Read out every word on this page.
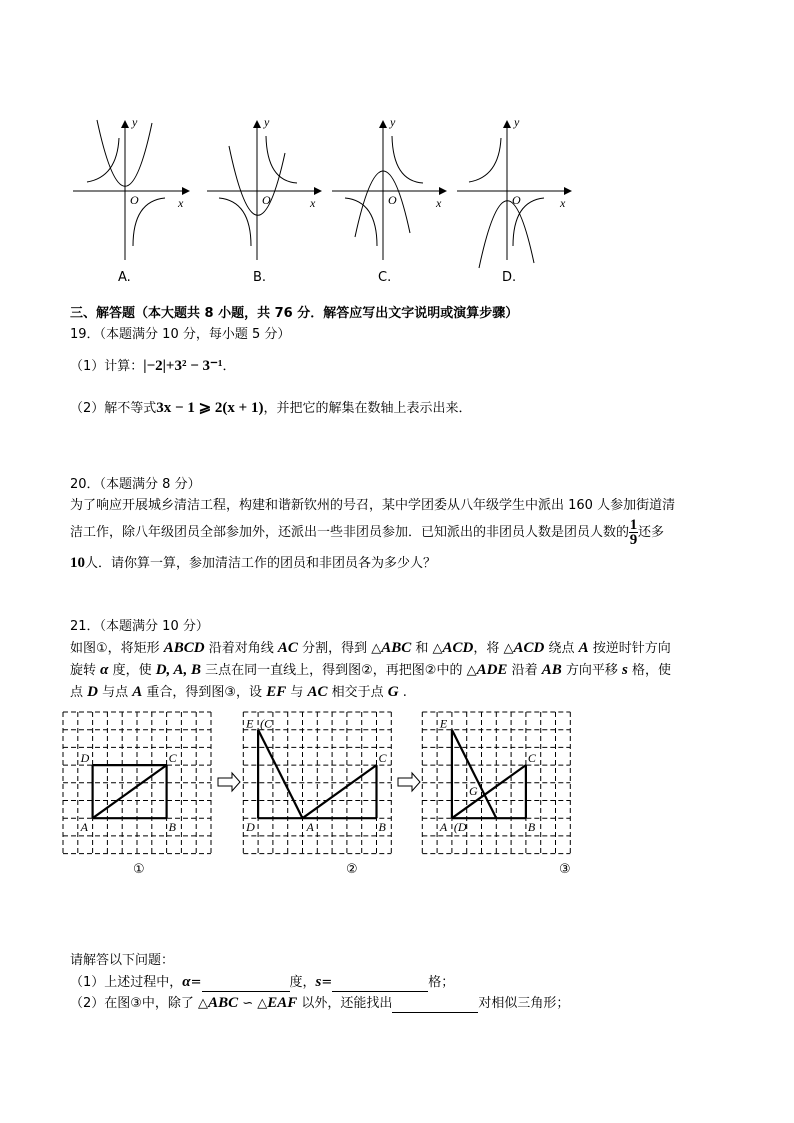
y
O	x
y
O	x
y
O	x
y
O	x
A.	B.	C.	D.
三、解答题（本大题共 8 小题，共 76 分．解答应写出文字说明或演算步骤）
19．（本题满分 10 分，每小题 5 分）
（1）计算：|−2|+3² − 3⁻¹．
（2）解不等式3x − 1 ⩾ 2(x + 1)，并把它的解集在数轴上表示出来．
20．（本题满分 8 分）
为了响应开展城乡清洁工程，构建和谐新钦州的号召，某中学团委从八年级学生中派出 160 人参加街道清
洁工作，除八年级团员全部参加外，还派出一些非团员参加．已知派出的非团员人数是团员人数的 $\frac{1}{9}$ 还多
10人．请你算一算，参加清洁工作的团员和非团员各为多少人？
21．（本题满分 10 分）
如图①，将矩形 ABCD 沿着对角线 AC 分割，得到 △ABC 和 △ACD，将 △ACD 绕点 A 按逆时针方向
旋转 α 度，使 D, A, B 三点在同一直线上，得到图②，再把图②中的 △ADE 沿着 AB 方向平移 s 格，使
点 D 与点 A 重合，得到图③，设 EF 与 AC 相交于点 G .
D	C
A	B
E (C
D	A	B
C
E
A (D	B
C
G
①	②	③
请解答以下问题：
（1）上述过程中，α=	度，s=	格；
（2）在图③中，除了 △ABC ∽ △EAF 以外，还能找出	对相似三角形；
